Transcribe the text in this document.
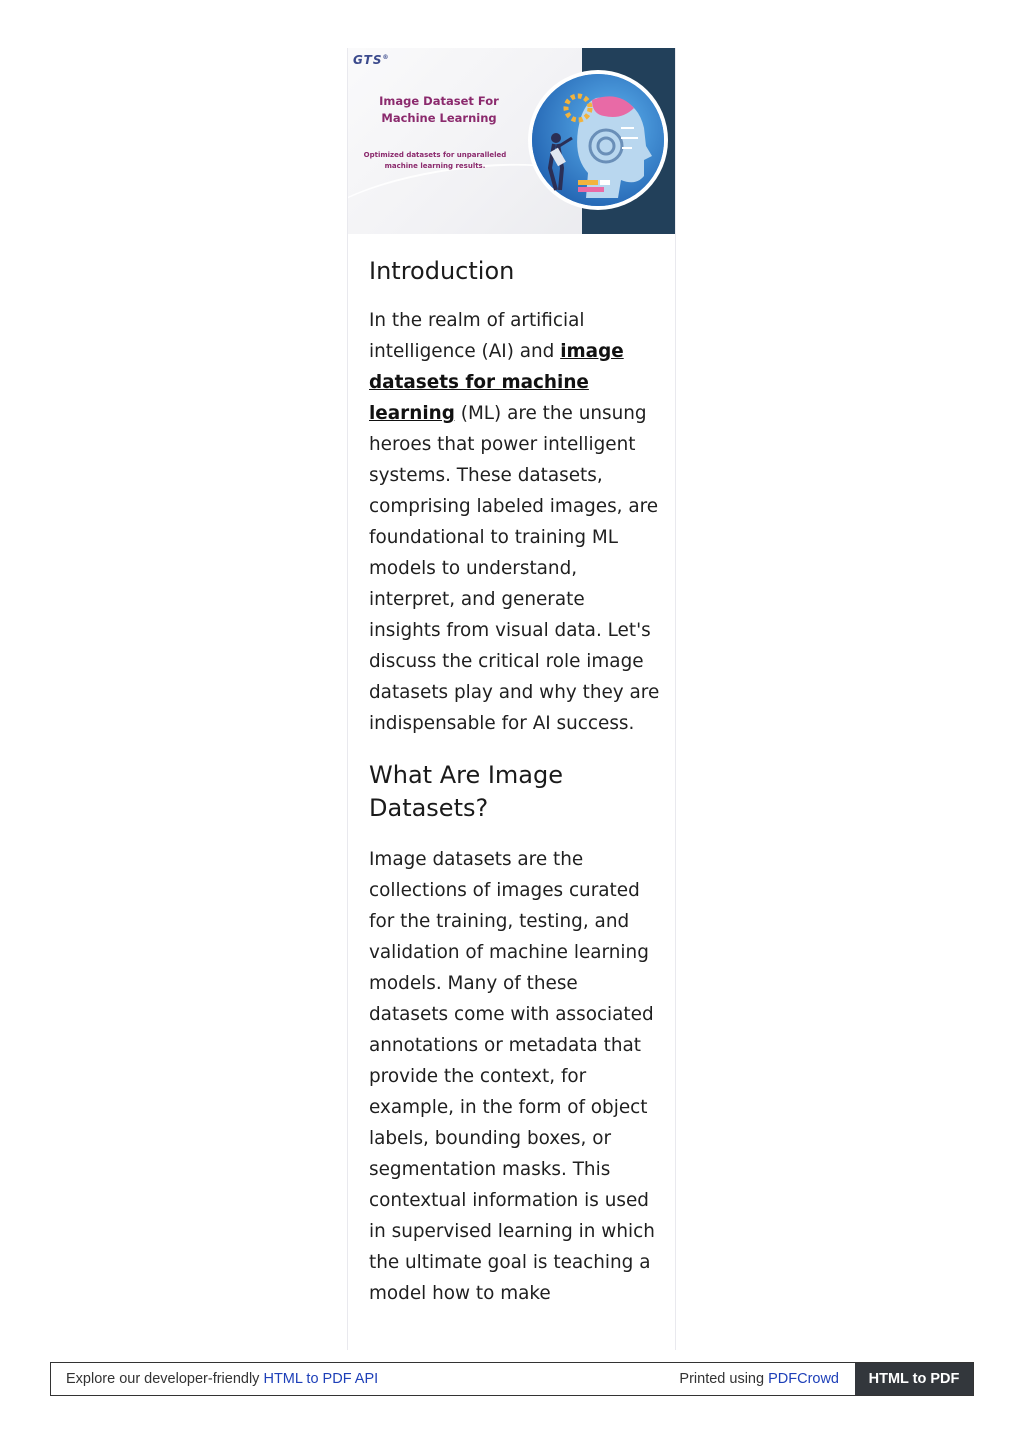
GTS®
Image Dataset For Machine Learning
Optimized datasets for unparalleled machine learning results.
Introduction

In the realm of artificial intelligence (AI) and image datasets for machine learning (ML) are the unsung heroes that power intelligent systems. These datasets, comprising labeled images, are foundational to training ML models to understand, interpret, and generate insights from visual data. Let's discuss the critical role image datasets play and why they are indispensable for AI success.

What Are Image Datasets?

Image datasets are the collections of images curated for the training, testing, and validation of machine learning models. Many of these datasets come with associated annotations or metadata that provide the context, for example, in the form of object labels, bounding boxes, or segmentation masks. This contextual information is used in supervised learning in which the ultimate goal is teaching a model how to make

Explore our developer-friendly HTML to PDF API	Printed using PDFCrowd	HTML to PDF
